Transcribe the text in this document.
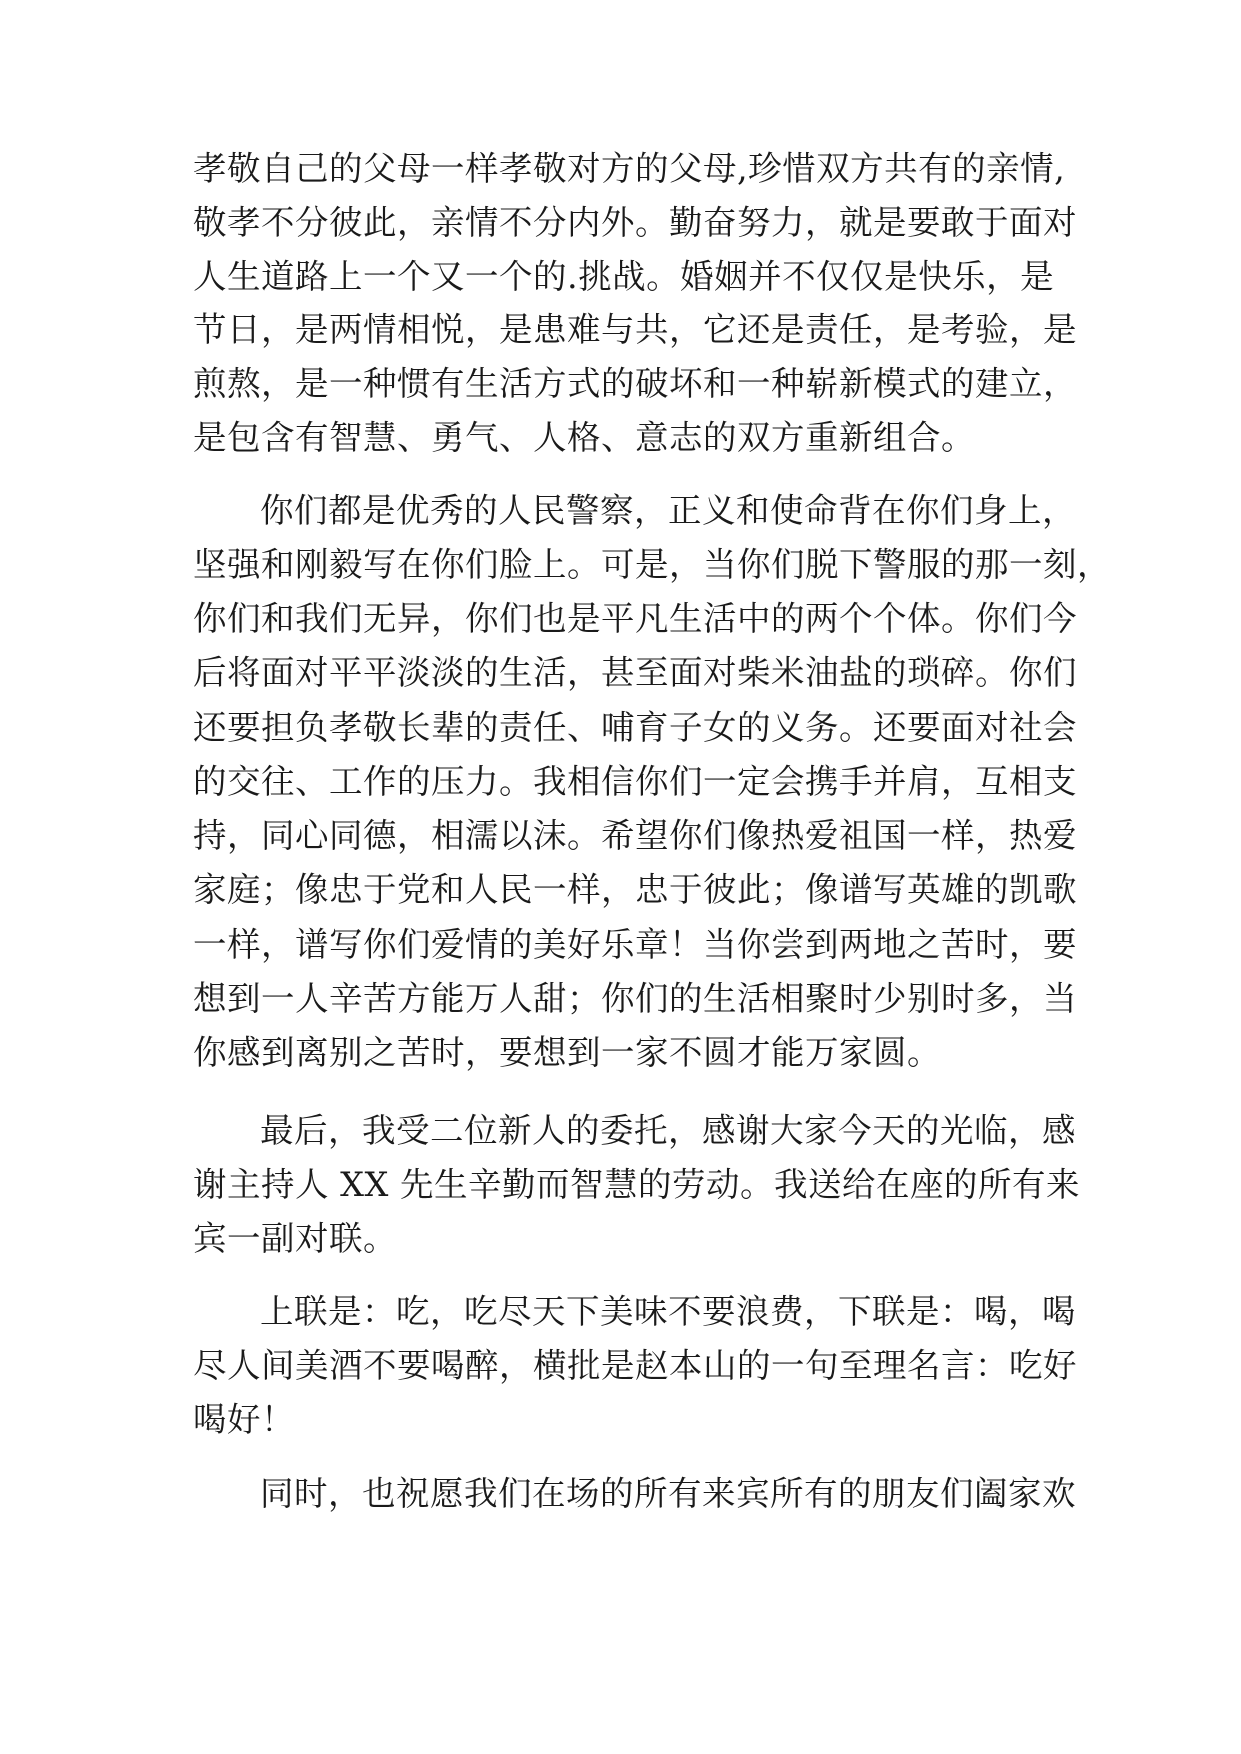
孝敬自己的父母一样孝敬对方的父母,珍惜双方共有的亲情,
敬孝不分彼此，亲情不分内外。勤奋努力，就是要敢于面对
人生道路上一个又一个的.挑战。婚姻并不仅仅是快乐，是
节日，是两情相悦，是患难与共，它还是责任，是考验，是
煎熬，是一种惯有生活方式的破坏和一种崭新模式的建立，
是包含有智慧、勇气、人格、意志的双方重新组合。
你们都是优秀的人民警察，正义和使命背在你们身上，
坚强和刚毅写在你们脸上。可是，当你们脱下警服的那一刻，
你们和我们无异，你们也是平凡生活中的两个个体。你们今
后将面对平平淡淡的生活，甚至面对柴米油盐的琐碎。你们
还要担负孝敬长辈的责任、哺育子女的义务。还要面对社会
的交往、工作的压力。我相信你们一定会携手并肩，互相支
持，同心同德，相濡以沫。希望你们像热爱祖国一样，热爱
家庭；像忠于党和人民一样，忠于彼此；像谱写英雄的凯歌
一样，谱写你们爱情的美好乐章！当你尝到两地之苦时，要
想到一人辛苦方能万人甜；你们的生活相聚时少别时多，当
你感到离别之苦时，要想到一家不圆才能万家圆。
最后，我受二位新人的委托，感谢大家今天的光临，感
谢主持人 XX 先生辛勤而智慧的劳动。我送给在座的所有来
宾一副对联。
上联是：吃，吃尽天下美味不要浪费，下联是：喝，喝
尽人间美酒不要喝醉，横批是赵本山的一句至理名言：吃好
喝好！
同时，也祝愿我们在场的所有来宾所有的朋友们阖家欢
